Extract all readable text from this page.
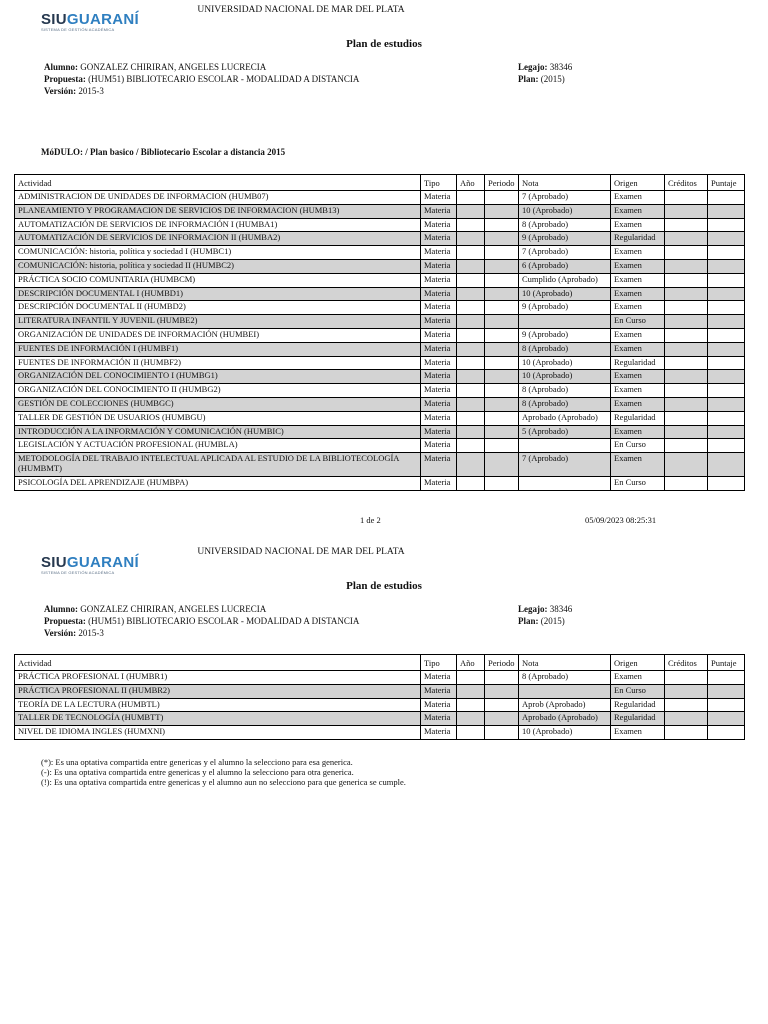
SIUGUARANÍ
SISTEMA DE GESTIÓN ACADÉMICA
UNIVERSIDAD NACIONAL DE MAR DEL PLATA
Plan de estudios
Alumno: GONZALEZ CHIRIRAN, ANGELES LUCRECIA
Propuesta: (HUM51) BIBLIOTECARIO ESCOLAR - MODALIDAD A DISTANCIA
Versión: 2015-3
Legajo: 38346
Plan: (2015)
MóDULO: / Plan basico / Bibliotecario Escolar a distancia 2015
Actividad	Tipo	Año	Periodo	Nota	Origen	Créditos	Puntaje
ADMINISTRACION DE UNIDADES DE INFORMACION (HUMB07)	Materia			7 (Aprobado)	Examen		
PLANEAMIENTO Y PROGRAMACION DE SERVICIOS DE INFORMACION (HUMB13)	Materia			10 (Aprobado)	Examen		
AUTOMATIZACIÓN DE SERVICIOS DE INFORMACIÓN I (HUMBA1)	Materia			8 (Aprobado)	Examen		
AUTOMATIZACIÓN DE SERVICIOS DE INFORMACION II (HUMBA2)	Materia			9 (Aprobado)	Regularidad		
COMUNICACIÓN: historia, política y sociedad I (HUMBC1)	Materia			7 (Aprobado)	Examen		
COMUNICACIÓN: historia, política y sociedad II (HUMBC2)	Materia			6 (Aprobado)	Examen		
PRÁCTICA SOCIO COMUNITARIA (HUMBCM)	Materia			Cumplido (Aprobado)	Examen		
DESCRIPCIÓN DOCUMENTAL I (HUMBD1)	Materia			10 (Aprobado)	Examen		
DESCRIPCIÓN DOCUMENTAL II (HUMBD2)	Materia			9 (Aprobado)	Examen		
LITERATURA INFANTIL Y JUVENIL (HUMBE2)	Materia				En Curso		
ORGANIZACIÓN DE UNIDADES DE INFORMACIÓN (HUMBEI)	Materia			9 (Aprobado)	Examen		
FUENTES DE INFORMACIÓN I (HUMBF1)	Materia			8 (Aprobado)	Examen		
FUENTES DE INFORMACIÓN II (HUMBF2)	Materia			10 (Aprobado)	Regularidad		
ORGANIZACIÓN DEL CONOCIMIENTO I (HUMBG1)	Materia			10 (Aprobado)	Examen		
ORGANIZACIÓN DEL CONOCIMIENTO II (HUMBG2)	Materia			8 (Aprobado)	Examen		
GESTIÓN DE COLECCIONES (HUMBGC)	Materia			8 (Aprobado)	Examen		
TALLER DE GESTIÓN DE USUARIOS (HUMBGU)	Materia			Aprobado (Aprobado)	Regularidad		
INTRODUCCIÓN A LA INFORMACIÓN Y COMUNICACIÓN (HUMBIC)	Materia			5 (Aprobado)	Examen		
LEGISLACIÓN Y ACTUACIÓN PROFESIONAL (HUMBLA)	Materia				En Curso		
METODOLOGÍA DEL TRABAJO INTELECTUAL APLICADA AL ESTUDIO DE LA BIBLIOTECOLOGÍA (HUMBMT)	Materia			7 (Aprobado)	Examen		
PSICOLOGÍA DEL APRENDIZAJE (HUMBPA)	Materia				En Curso		
1 de 2	05/09/2023 08:25:31
SIUGUARANÍ
SISTEMA DE GESTIÓN ACADÉMICA
UNIVERSIDAD NACIONAL DE MAR DEL PLATA
Plan de estudios
Alumno: GONZALEZ CHIRIRAN, ANGELES LUCRECIA
Propuesta: (HUM51) BIBLIOTECARIO ESCOLAR - MODALIDAD A DISTANCIA
Versión: 2015-3
Legajo: 38346
Plan: (2015)
Actividad	Tipo	Año	Periodo	Nota	Origen	Créditos	Puntaje
PRÁCTICA PROFESIONAL I (HUMBR1)	Materia			8 (Aprobado)	Examen		
PRÁCTICA PROFESIONAL II (HUMBR2)	Materia				En Curso		
TEORÍA DE LA LECTURA (HUMBTL)	Materia			Aprob (Aprobado)	Regularidad		
TALLER DE TECNOLOGÍA (HUMBTT)	Materia			Aprobado (Aprobado)	Regularidad		
NIVEL DE IDIOMA INGLES (HUMXNI)	Materia			10 (Aprobado)	Examen		
(*): Es una optativa compartida entre genericas y el alumno la selecciono para esa generica.
(-): Es una optativa compartida entre genericas y el alumno la selecciono para otra generica.
(!): Es una optativa compartida entre genericas y el alumno aun no selecciono para que generica se cumple.
